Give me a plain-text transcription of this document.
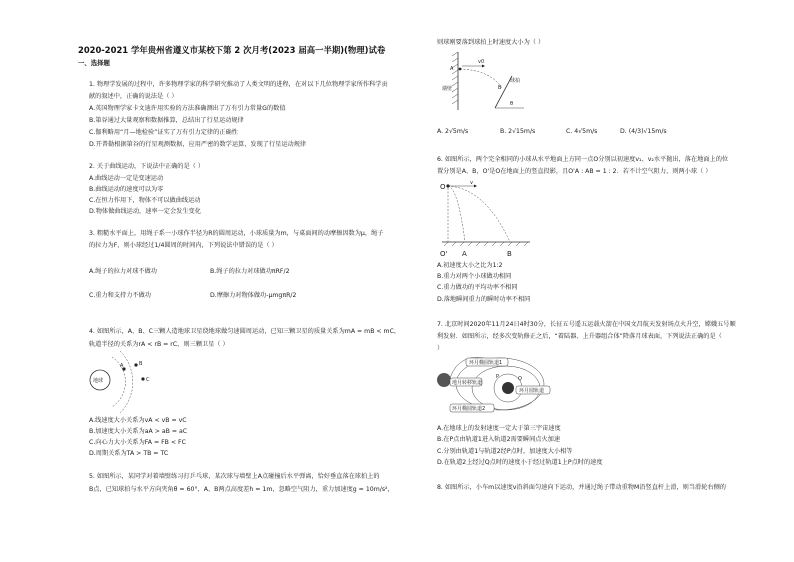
2020-2021 学年贵州省遵义市某校下第 2 次月考(2023 届高一半期)(物理)试卷
一、选择题
1. 物理学发展的过程中，许多物理学家的科学研究推动了人类文明的进程，在对以下几位物理学家所作科学贡
献的叙述中，正确的说法是（ ）
A.英国物理学家卡文迪许用实验的方法准确测出了万有引力常量G的数值
B.第谷通过大量观察和数据推算，总结出了行星运动规律
C.伽利略用“月—地检验”证实了万有引力定律的正确性
D.开普勒根据第谷的行星观测数据，应用严密的数学运算，发现了行星运动规律
2. 关于曲线运动，下说法中正确的是（ ）
A.曲线运动一定是变速运动
B.曲线运动的速度可以为零
C.在恒力作用下，物体不可以做曲线运动
D.物体做曲线运动，速率一定会发生变化
3. 粗糙水平面上，用绳子系一小球作半径为R的圆周运动，小球质量为m，与桌面间的动摩擦因数为μ，绳子
的拉力为F，则小球经过1/4圆周的时间内，下列说法中错误的是（ ）
A.绳子的拉力对球不做功	B.绳子的拉力对球做功πRF/2
C.重力和支持力不做功	D.摩擦力对物体做功-μmgπR/2
4. 如图所示，A、B、C三颗人造地球卫星绕地球做匀速圆周运动，已知三颗卫星的质量关系为mA = mB < mC，
轨道半径的关系为rA < rB = rC，则三颗卫星（ ）
地球
A	B
C
A.线速度大小关系为vA < vB = vC
B.加速度大小关系为aA > aB = aC
C.向心力大小关系为FA = FB < FC
D.周期关系为TA > TB = TC
5. 如图所示，某同学对着墙壁练习打乒乓球，某次球与墙壁上A点碰撞后水平弹离，恰好垂直落在球拍上的
B点，已知球拍与水平方向夹角θ = 60°，A、B两点高度差h = 1m，忽略空气阻力，重力加速度g = 10m/s²，
则球刚要落到球拍上时速度大小为（ ）
墙壁
A
v0
B
球拍
θ
A. 2√5m/s	B. 2√15m/s	C. 4√5m/s	D. (4/3)√15m/s
6. 如图所示，两个完全相同的小球从水平地面上方同一点O分别以初速度v₁、v₂水平抛出，落在地面上的位
置分别是A、B，O'是O在地面上的竖直投影，且O'A : AB = 1 : 2．若不计空气阻力，则两小球（ ）
O	v
O' A	B
A.初速度大小之比为1:2
B.重力对两个小球做功相同
C.重力做功的平均功率不相同
D.落地瞬间重力的瞬时功率不相同
7. 北京时间2020年11月24日4时30分，长征五号遥五运载火箭在中国文昌航天发射场点火升空，嫦娥五号顺
利发射．如图所示，经多次变轨修正之后，“着陆器、上升器组合体”降落月球表面，下列说法正确的是（
）
环月椭圆轨道1
地月转移轨道
P	Q
环月圆轨道
环月椭圆轨道2
A.在地球上的发射速度一定大于第三宇宙速度
B.在P点由轨道1进入轨道2需要瞬间点火加速
C.分别由轨道1与轨道2经P点时，加速度大小相等
D.在轨道2上经过Q点时的速度小于经过轨道1上P点时的速度
8. 如图所示，小车m以速度v沿斜面匀速向下运动，并通过绳子带动重物M沿竖直杆上滑，则当滑轮右侧的
